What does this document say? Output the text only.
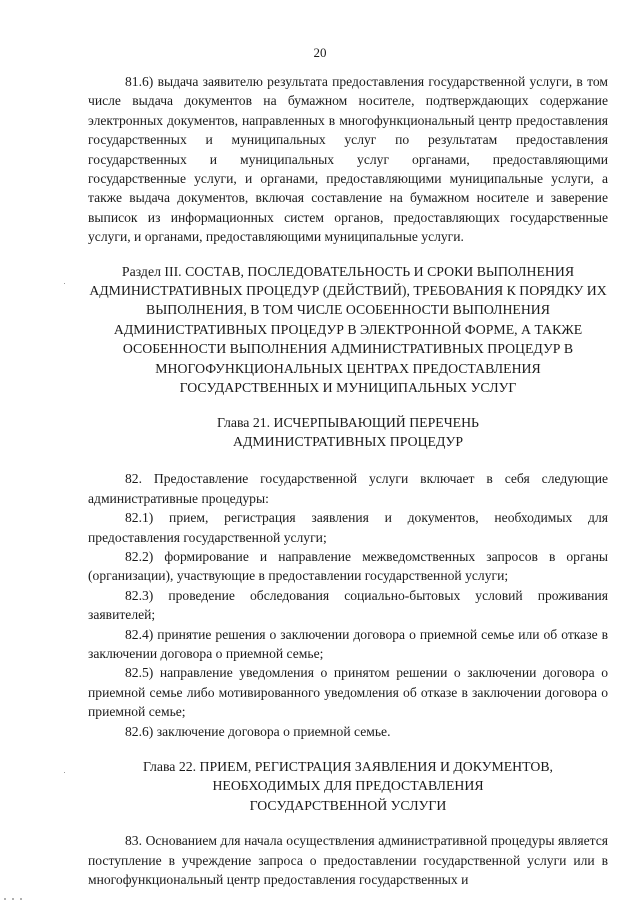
20

81.6) выдача заявителю результата предоставления государственной услуги, в том числе выдача документов на бумажном носителе, подтверждающих содержание электронных документов, направленных в многофункциональный центр предоставления государственных и муниципальных услуг по результатам предоставления государственных и муниципальных услуг органами, предоставляющими государственные услуги, и органами, предоставляющими муниципальные услуги, а также выдача документов, включая составление на бумажном носителе и заверение выписок из информационных систем органов, предоставляющих государственные услуги, и органами, предоставляющими муниципальные услуги.

Раздел III. СОСТАВ, ПОСЛЕДОВАТЕЛЬНОСТЬ И СРОКИ ВЫПОЛНЕНИЯ АДМИНИСТРАТИВНЫХ ПРОЦЕДУР (ДЕЙСТВИЙ), ТРЕБОВАНИЯ К ПОРЯДКУ ИХ ВЫПОЛНЕНИЯ, В ТОМ ЧИСЛЕ ОСОБЕННОСТИ ВЫПОЛНЕНИЯ АДМИНИСТРАТИВНЫХ ПРОЦЕДУР В ЭЛЕКТРОННОЙ ФОРМЕ, А ТАКЖЕ ОСОБЕННОСТИ ВЫПОЛНЕНИЯ АДМИНИСТРАТИВНЫХ ПРОЦЕДУР В МНОГОФУНКЦИОНАЛЬНЫХ ЦЕНТРАХ ПРЕДОСТАВЛЕНИЯ ГОСУДАРСТВЕННЫХ И МУНИЦИПАЛЬНЫХ УСЛУГ

Глава 21. ИСЧЕРПЫВАЮЩИЙ ПЕРЕЧЕНЬ
АДМИНИСТРАТИВНЫХ ПРОЦЕДУР

82. Предоставление государственной услуги включает в себя следующие административные процедуры:

82.1) прием, регистрация заявления и документов, необходимых для предоставления государственной услуги;

82.2) формирование и направление межведомственных запросов в органы (организации), участвующие в предоставлении государственной услуги;

82.3) проведение обследования социально-бытовых условий проживания заявителей;

82.4) принятие решения о заключении договора о приемной семье или об отказе в заключении договора о приемной семье;

82.5) направление уведомления о принятом решении о заключении договора о приемной семье либо мотивированного уведомления об отказе в заключении договора о приемной семье;

82.6) заключение договора о приемной семье.

Глава 22. ПРИЕМ, РЕГИСТРАЦИЯ ЗАЯВЛЕНИЯ И ДОКУМЕНТОВ,
НЕОБХОДИМЫХ ДЛЯ ПРЕДОСТАВЛЕНИЯ
ГОСУДАРСТВЕННОЙ УСЛУГИ

83. Основанием для начала осуществления административной процедуры является поступление в учреждение запроса о предоставлении государственной услуги или в многофункциональный центр предоставления государственных и
